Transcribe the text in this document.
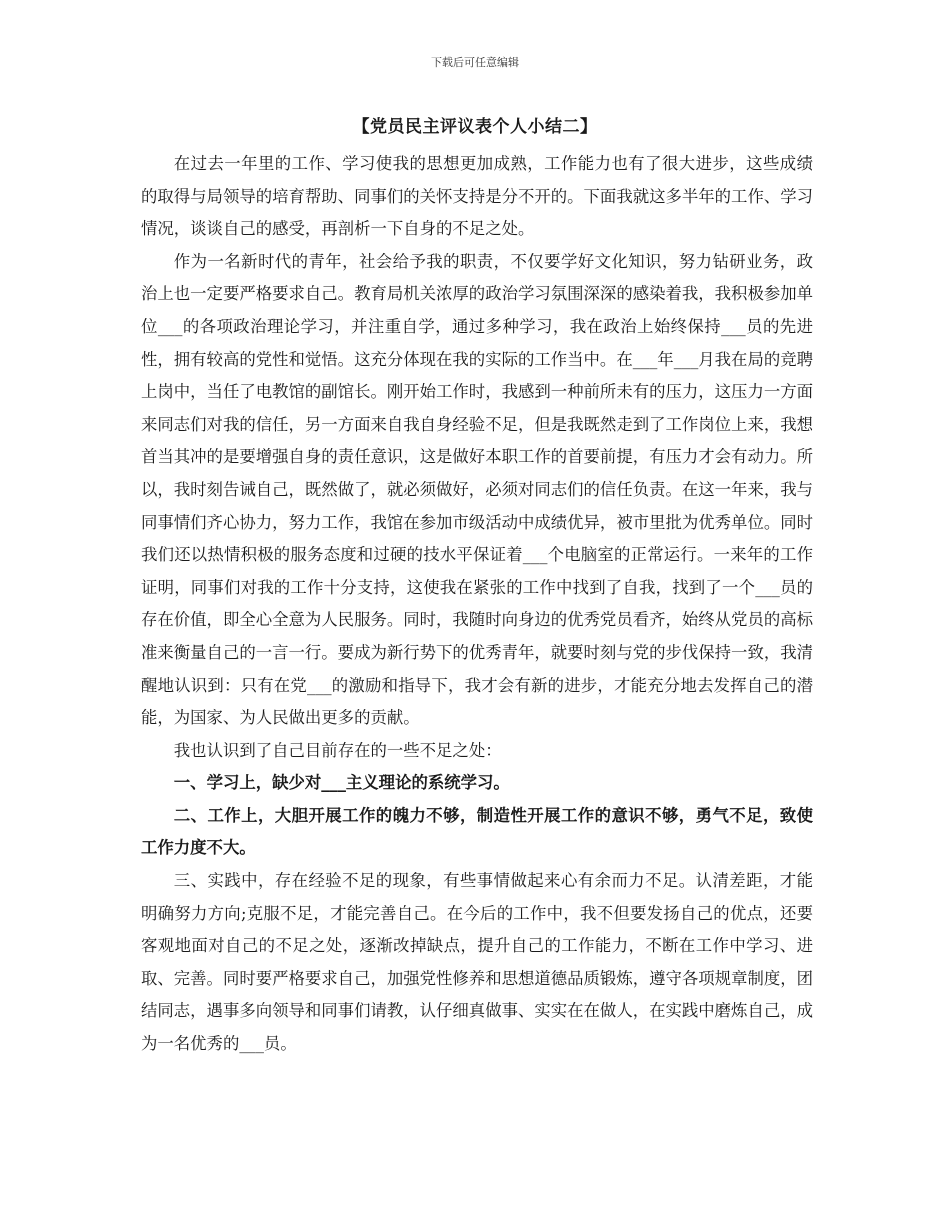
下载后可任意编辑
【党员民主评议表个人小结二】

在过去一年里的工作、学习使我的思想更加成熟，工作能力也有了很大进步，这些成绩的取得与局领导的培育帮助、同事们的关怀支持是分不开的。下面我就这多半年的工作、学习情况，谈谈自己的感受，再剖析一下自身的不足之处。

作为一名新时代的青年，社会给予我的职责，不仅要学好文化知识，努力钻研业务，政治上也一定要严格要求自己。教育局机关浓厚的政治学习氛围深深的感染着我，我积极参加单位___的各项政治理论学习，并注重自学，通过多种学习，我在政治上始终保持___员的先进性，拥有较高的党性和觉悟。这充分体现在我的实际的工作当中。在___年___月我在局的竞聘上岗中，当任了电教馆的副馆长。刚开始工作时，我感到一种前所未有的压力，这压力一方面来同志们对我的信任，另一方面来自我自身经验不足，但是我既然走到了工作岗位上来，我想首当其冲的是要增强自身的责任意识，这是做好本职工作的首要前提，有压力才会有动力。所以，我时刻告诫自己，既然做了，就必须做好，必须对同志们的信任负责。在这一年来，我与同事情们齐心协力，努力工作，我馆在参加市级活动中成绩优异，被市里批为优秀单位。同时我们还以热情积极的服务态度和过硬的技水平保证着___个电脑室的正常运行。一来年的工作证明，同事们对我的工作十分支持，这使我在紧张的工作中找到了自我，找到了一个___员的存在价值，即全心全意为人民服务。同时，我随时向身边的优秀党员看齐，始终从党员的高标准来衡量自己的一言一行。要成为新行势下的优秀青年，就要时刻与党的步伐保持一致，我清醒地认识到：只有在党___的激励和指导下，我才会有新的进步，才能充分地去发挥自己的潜能，为国家、为人民做出更多的贡献。

我也认识到了自己目前存在的一些不足之处：

一、学习上，缺少对___主义理论的系统学习。

二、工作上，大胆开展工作的魄力不够，制造性开展工作的意识不够，勇气不足，致使工作力度不大。

三、实践中，存在经验不足的现象，有些事情做起来心有余而力不足。认清差距，才能明确努力方向;克服不足，才能完善自己。在今后的工作中，我不但要发扬自己的优点，还要客观地面对自己的不足之处，逐渐改掉缺点，提升自己的工作能力，不断在工作中学习、进取、完善。同时要严格要求自己，加强党性修养和思想道德品质锻炼，遵守各项规章制度，团结同志，遇事多向领导和同事们请教，认仔细真做事、实实在在做人，在实践中磨炼自己，成为一名优秀的___员。
